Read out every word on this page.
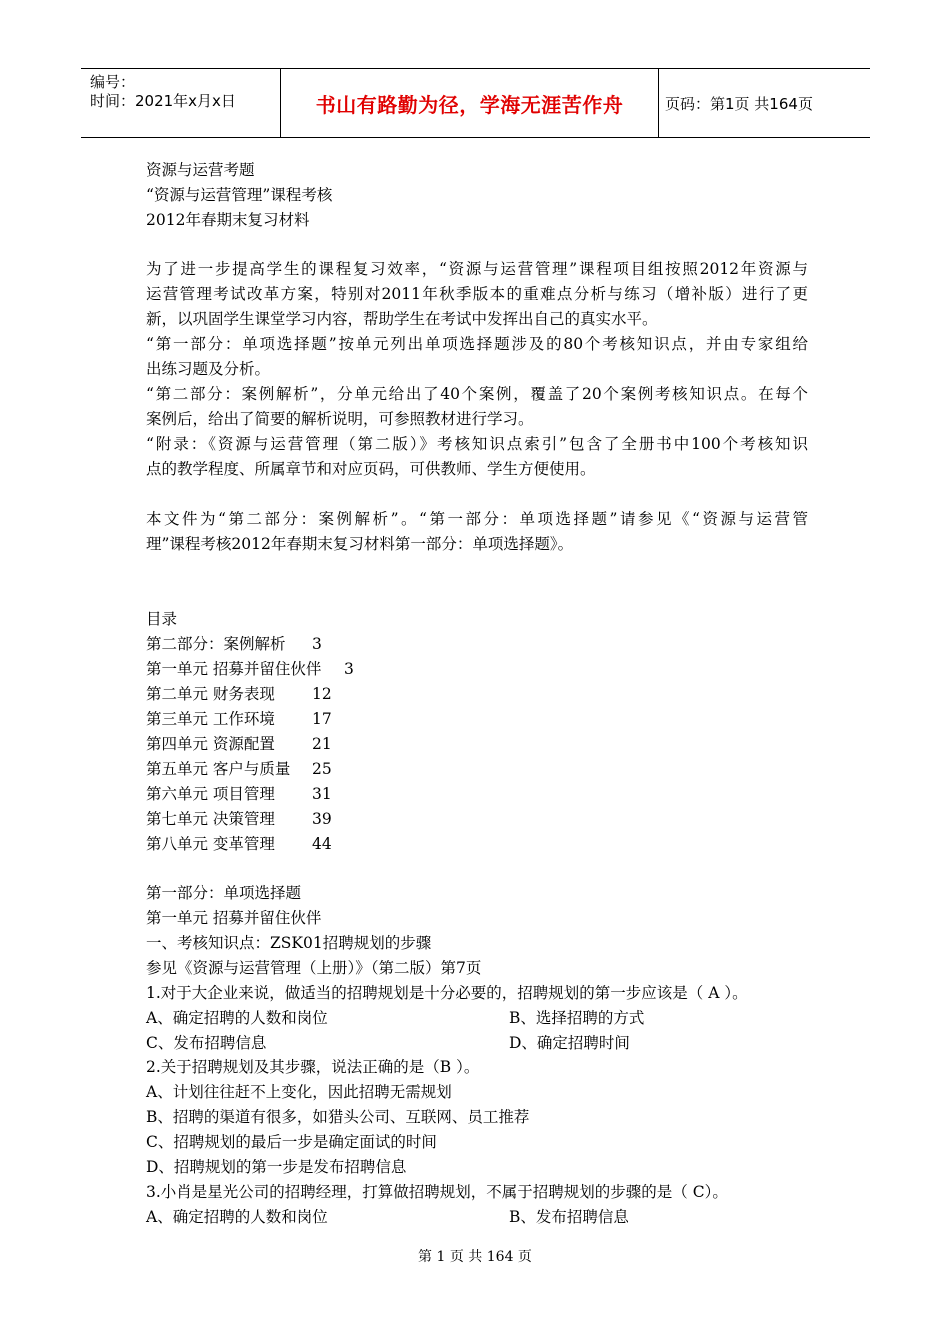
编号：
时间：2021年x月x日	书山有路勤为径，学海无涯苦作舟	页码：第1页 共164页
资源与运营考题
“资源与运营管理”课程考核
2012年春期末复习材料
为了进一步提高学生的课程复习效率，“资源与运营管理”课程项目组按照2012年资源与
运营管理考试改革方案，特别对2011年秋季版本的重难点分析与练习（增补版）进行了更
新，以巩固学生课堂学习内容，帮助学生在考试中发挥出自己的真实水平。
“第一部分：单项选择题”按单元列出单项选择题涉及的80个考核知识点，并由专家组给
出练习题及分析。
“第二部分：案例解析”，分单元给出了40个案例，覆盖了20个案例考核知识点。在每个
案例后，给出了简要的解析说明，可参照教材进行学习。
“附录：《资源与运营管理（第二版）》考核知识点索引”包含了全册书中100个考核知识
点的教学程度、所属章节和对应页码，可供教师、学生方便使用。
本文件为“第二部分：案例解析”。“第一部分：单项选择题”请参见《“资源与运营管
理”课程考核2012年春期末复习材料第一部分：单项选择题》。
目录
第二部分：案例解析 3
第一单元 招募并留住伙伴 3
第二单元 财务表现 12
第三单元 工作环境 17
第四单元 资源配置 21
第五单元 客户与质量 25
第六单元 项目管理 31
第七单元 决策管理 39
第八单元 变革管理 44
第一部分：单项选择题
第一单元 招募并留住伙伴
一、考核知识点：ZSK01招聘规划的步骤
参见《资源与运营管理（上册）》（第二版）第7页
1.对于大企业来说，做适当的招聘规划是十分必要的，招聘规划的第一步应该是（ A ）。
A、确定招聘的人数和岗位	B、选择招聘的方式
C、发布招聘信息	D、确定招聘时间
2.关于招聘规划及其步骤，说法正确的是（B ）。
A、计划往往赶不上变化，因此招聘无需规划
B、招聘的渠道有很多，如猎头公司、互联网、员工推荐
C、招聘规划的最后一步是确定面试的时间
D、招聘规划的第一步是发布招聘信息
3.小肖是星光公司的招聘经理，打算做招聘规划，不属于招聘规划的步骤的是（ C）。
A、确定招聘的人数和岗位	B、发布招聘信息
第 1 页 共 164 页
